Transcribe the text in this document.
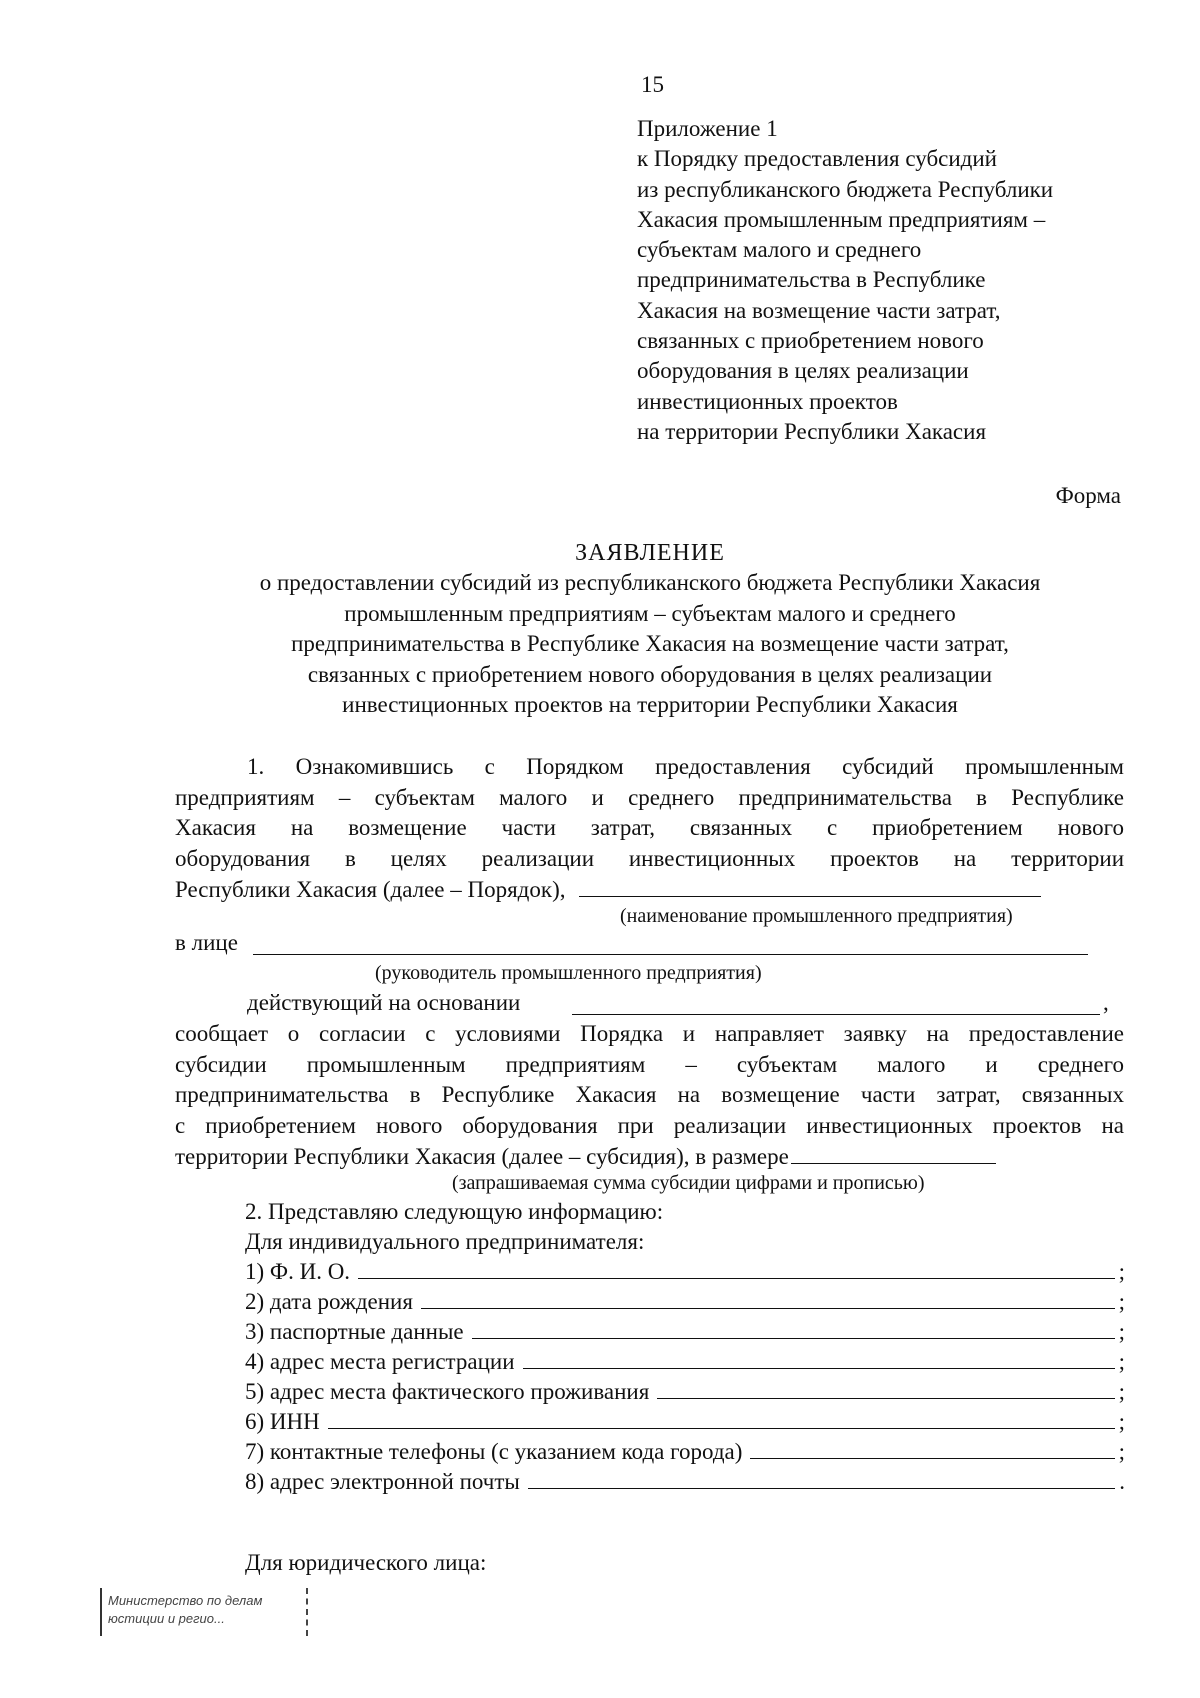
15
Приложение 1
к Порядку предоставления субсидий
из республиканского бюджета Республики
Хакасия промышленным предприятиям –
субъектам малого и среднего
предпринимательства в Республике
Хакасия на возмещение части затрат,
связанных с приобретением нового
оборудования в целях реализации
инвестиционных проектов
на территории Республики Хакасия
Форма
ЗАЯВЛЕНИЕ
о предоставлении субсидий из республиканского бюджета Республики Хакасия
промышленным предприятиям – субъектам малого и среднего
предпринимательства в Республике Хакасия на возмещение части затрат,
связанных с приобретением нового оборудования в целях реализации
инвестиционных проектов на территории Республики Хакасия
1. Ознакомившись с Порядком предоставления субсидий промышленным
предприятиям – субъектам малого и среднего предпринимательства в Республике
Хакасия на возмещение части затрат, связанных с приобретением нового
оборудования в целях реализации инвестиционных проектов на территории
Республики Хакасия (далее – Порядок),
(наименование промышленного предприятия)
в лице
(руководитель промышленного предприятия)
действующий на основании	,
сообщает о согласии с условиями Порядка и направляет заявку на предоставление
субсидии промышленным предприятиям – субъектам малого и среднего
предпринимательства в Республике Хакасия на возмещение части затрат, связанных
с приобретением нового оборудования при реализации инвестиционных проектов на
территории Республики Хакасия (далее – субсидия), в размере
(запрашиваемая сумма субсидии цифрами и прописью)
2. Представляю следующую информацию:
Для индивидуального предпринимателя:
1) Ф. И. О.	;
2) дата рождения	;
3) паспортные данные	;
4) адрес места регистрации	;
5) адрес места фактического проживания	;
6) ИНН	;
7) контактные телефоны (с указанием кода города)	;
8) адрес электронной почты	.
Для юридического лица:
Министерство по делам
юстиции и регио...
